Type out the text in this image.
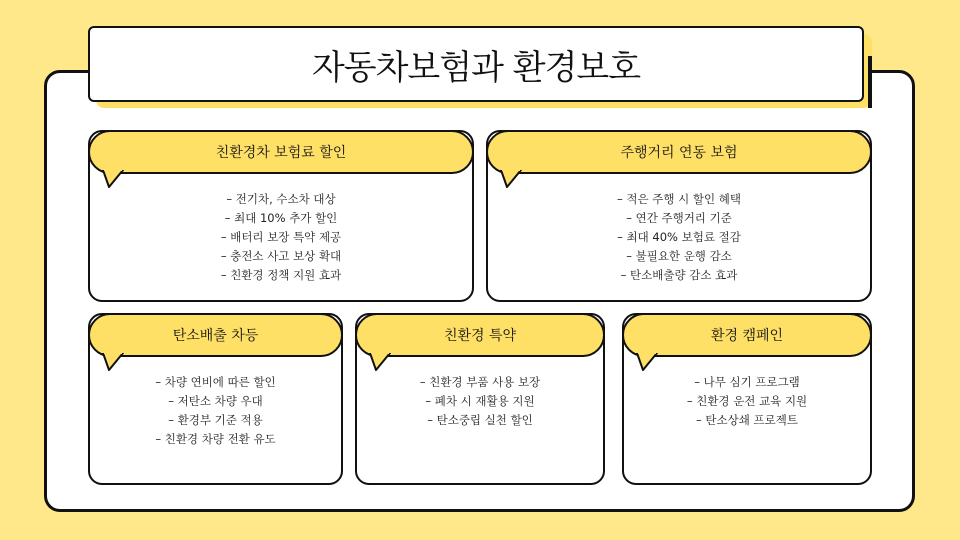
자동차보험과 환경보호
친환경차 보험료 할인
– 전기차, 수소차 대상
– 최대 10% 추가 할인
– 배터리 보장 특약 제공
– 충전소 사고 보상 확대
– 친환경 정책 지원 효과
주행거리 연동 보험
– 적은 주행 시 할인 혜택
– 연간 주행거리 기준
– 최대 40% 보험료 절감
– 불필요한 운행 감소
– 탄소배출량 감소 효과
탄소배출 차등
– 차량 연비에 따른 할인
– 저탄소 차량 우대
– 환경부 기준 적용
– 친환경 차량 전환 유도
친환경 특약
– 친환경 부품 사용 보장
– 폐차 시 재활용 지원
– 탄소중립 실천 할인
환경 캠페인
– 나무 심기 프로그램
– 친환경 운전 교육 지원
– 탄소상쇄 프로젝트
